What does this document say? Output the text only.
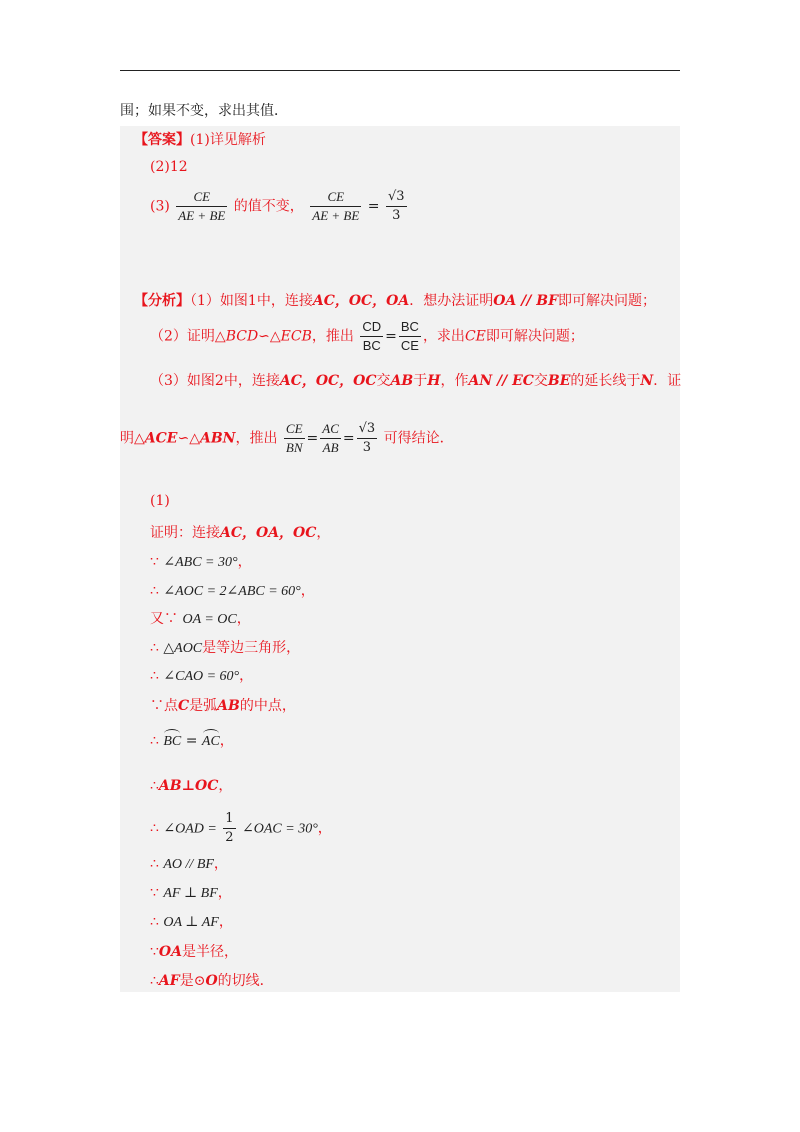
围；如果不变，求出其值．
【答案】(1)详见解析
(2)12
$(3) \frac{CE}{AE + BE}$ 的值不变， $\frac{CE}{AE + BE} = \frac{√3}{3}$
【分析】（1）如图1中，连接AC，OC，OA．想办法证明OA // BF即可解决问题；
（2）证明△BCD∽△ECB，推出 $\frac{CD}{BC} = \frac{BC}{CE}$ ，求出CE即可解决问题；
（3）如图2中，连接AC，OC，OC交AB于H，作AN // EC交BE的延长线于N．证
明△ACE∽△ABN，推出 $\frac{CE}{BN} = \frac{AC}{AB} = \frac{√3}{3}$ 可得结论．
(1)
证明：连接AC，OA，OC，
∵ ∠ABC = 30°，
∴ ∠AOC = 2∠ABC = 60°，
又∵ OA = OC，
∴ △AOC是等边三角形，
∴ ∠CAO = 60°，
∵点C是弧AB的中点，
∴ BC = AC，
∴AB⊥OC，
∴ ∠OAD = $\frac{1}{2}$ ∠OAC = 30°，
∴ AO // BF，
∵ AF ⊥ BF，
∴ OA ⊥ AF，
∵OA是半径，
∴AF是⊙O的切线．
